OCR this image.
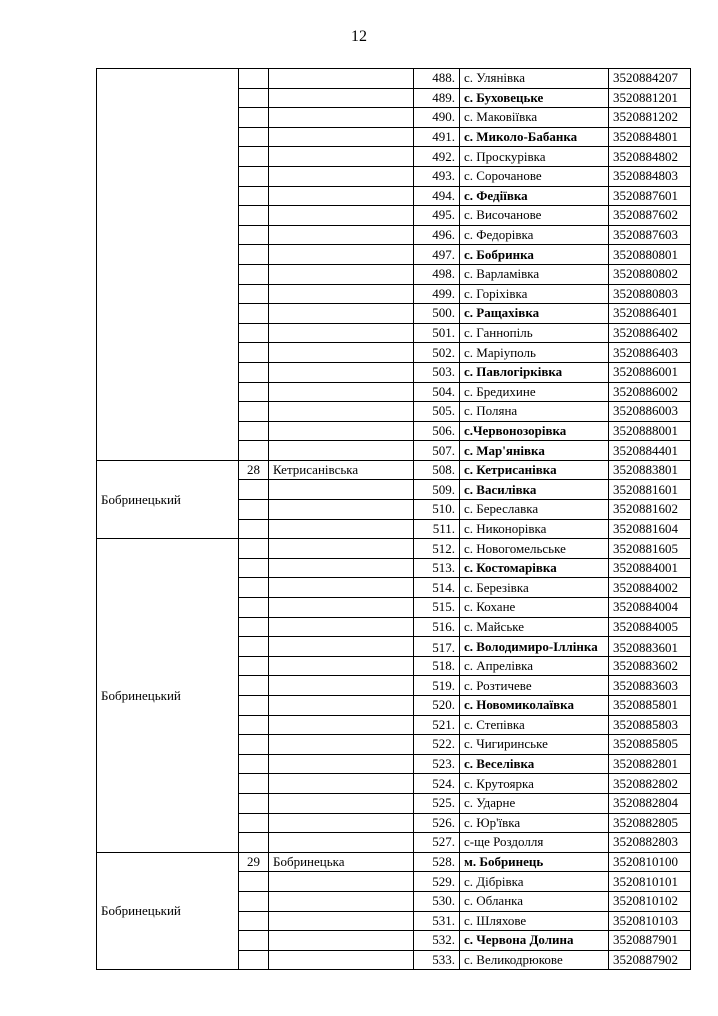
12
			488.	с. Улянівка	3520884207
			489.	с. Буховецьке	3520881201
			490.	с. Маковіївка	3520881202
			491.	с. Миколо-Бабанка	3520884801
			492.	с. Проскурівка	3520884802
			493.	с. Сорочанове	3520884803
			494.	с. Федіївка	3520887601
			495.	с. Височанове	3520887602
			496.	с. Федорівка	3520887603
			497.	с. Бобринка	3520880801
			498.	с. Варламівка	3520880802
			499.	с. Горіхівка	3520880803
			500.	с. Ращахівка	3520886401
			501.	с. Ганнопіль	3520886402
			502.	с. Маріуполь	3520886403
			503.	с. Павлогірківка	3520886001
			504.	с. Бредихине	3520886002
			505.	с. Поляна	3520886003
			506.	с.Червонозорівка	3520888001
			507.	с. Мар'янівка	3520884401
Бобринецький	28	Кетрисанівська	508.	с. Кетрисанівка	3520883801
			509.	с. Василівка	3520881601
			510.	с. Береславка	3520881602
			511.	с. Никонорівка	3520881604
Бобринецький			512.	с. Новогомельське	3520881605
			513.	с. Костомарівка	3520884001
			514.	с. Березівка	3520884002
			515.	с. Кохане	3520884004
			516.	с. Майське	3520884005
			517.	с. Володимиро-Іллінка	3520883601
			518.	с. Апрелівка	3520883602
			519.	с. Розтичеве	3520883603
			520.	с. Новомиколаївка	3520885801
			521.	с. Степівка	3520885803
			522.	с. Чигиринське	3520885805
			523.	с. Веселівка	3520882801
			524.	с. Крутоярка	3520882802
			525.	с. Ударне	3520882804
			526.	с. Юр'ївка	3520882805
			527.	с-ще Роздолля	3520882803
Бобринецький	29	Бобринецька	528.	м. Бобринець	3520810100
			529.	с. Дібрівка	3520810101
			530.	с. Обланка	3520810102
			531.	с. Шляхове	3520810103
			532.	с. Червона Долина	3520887901
			533.	с. Великодрюкове	3520887902
